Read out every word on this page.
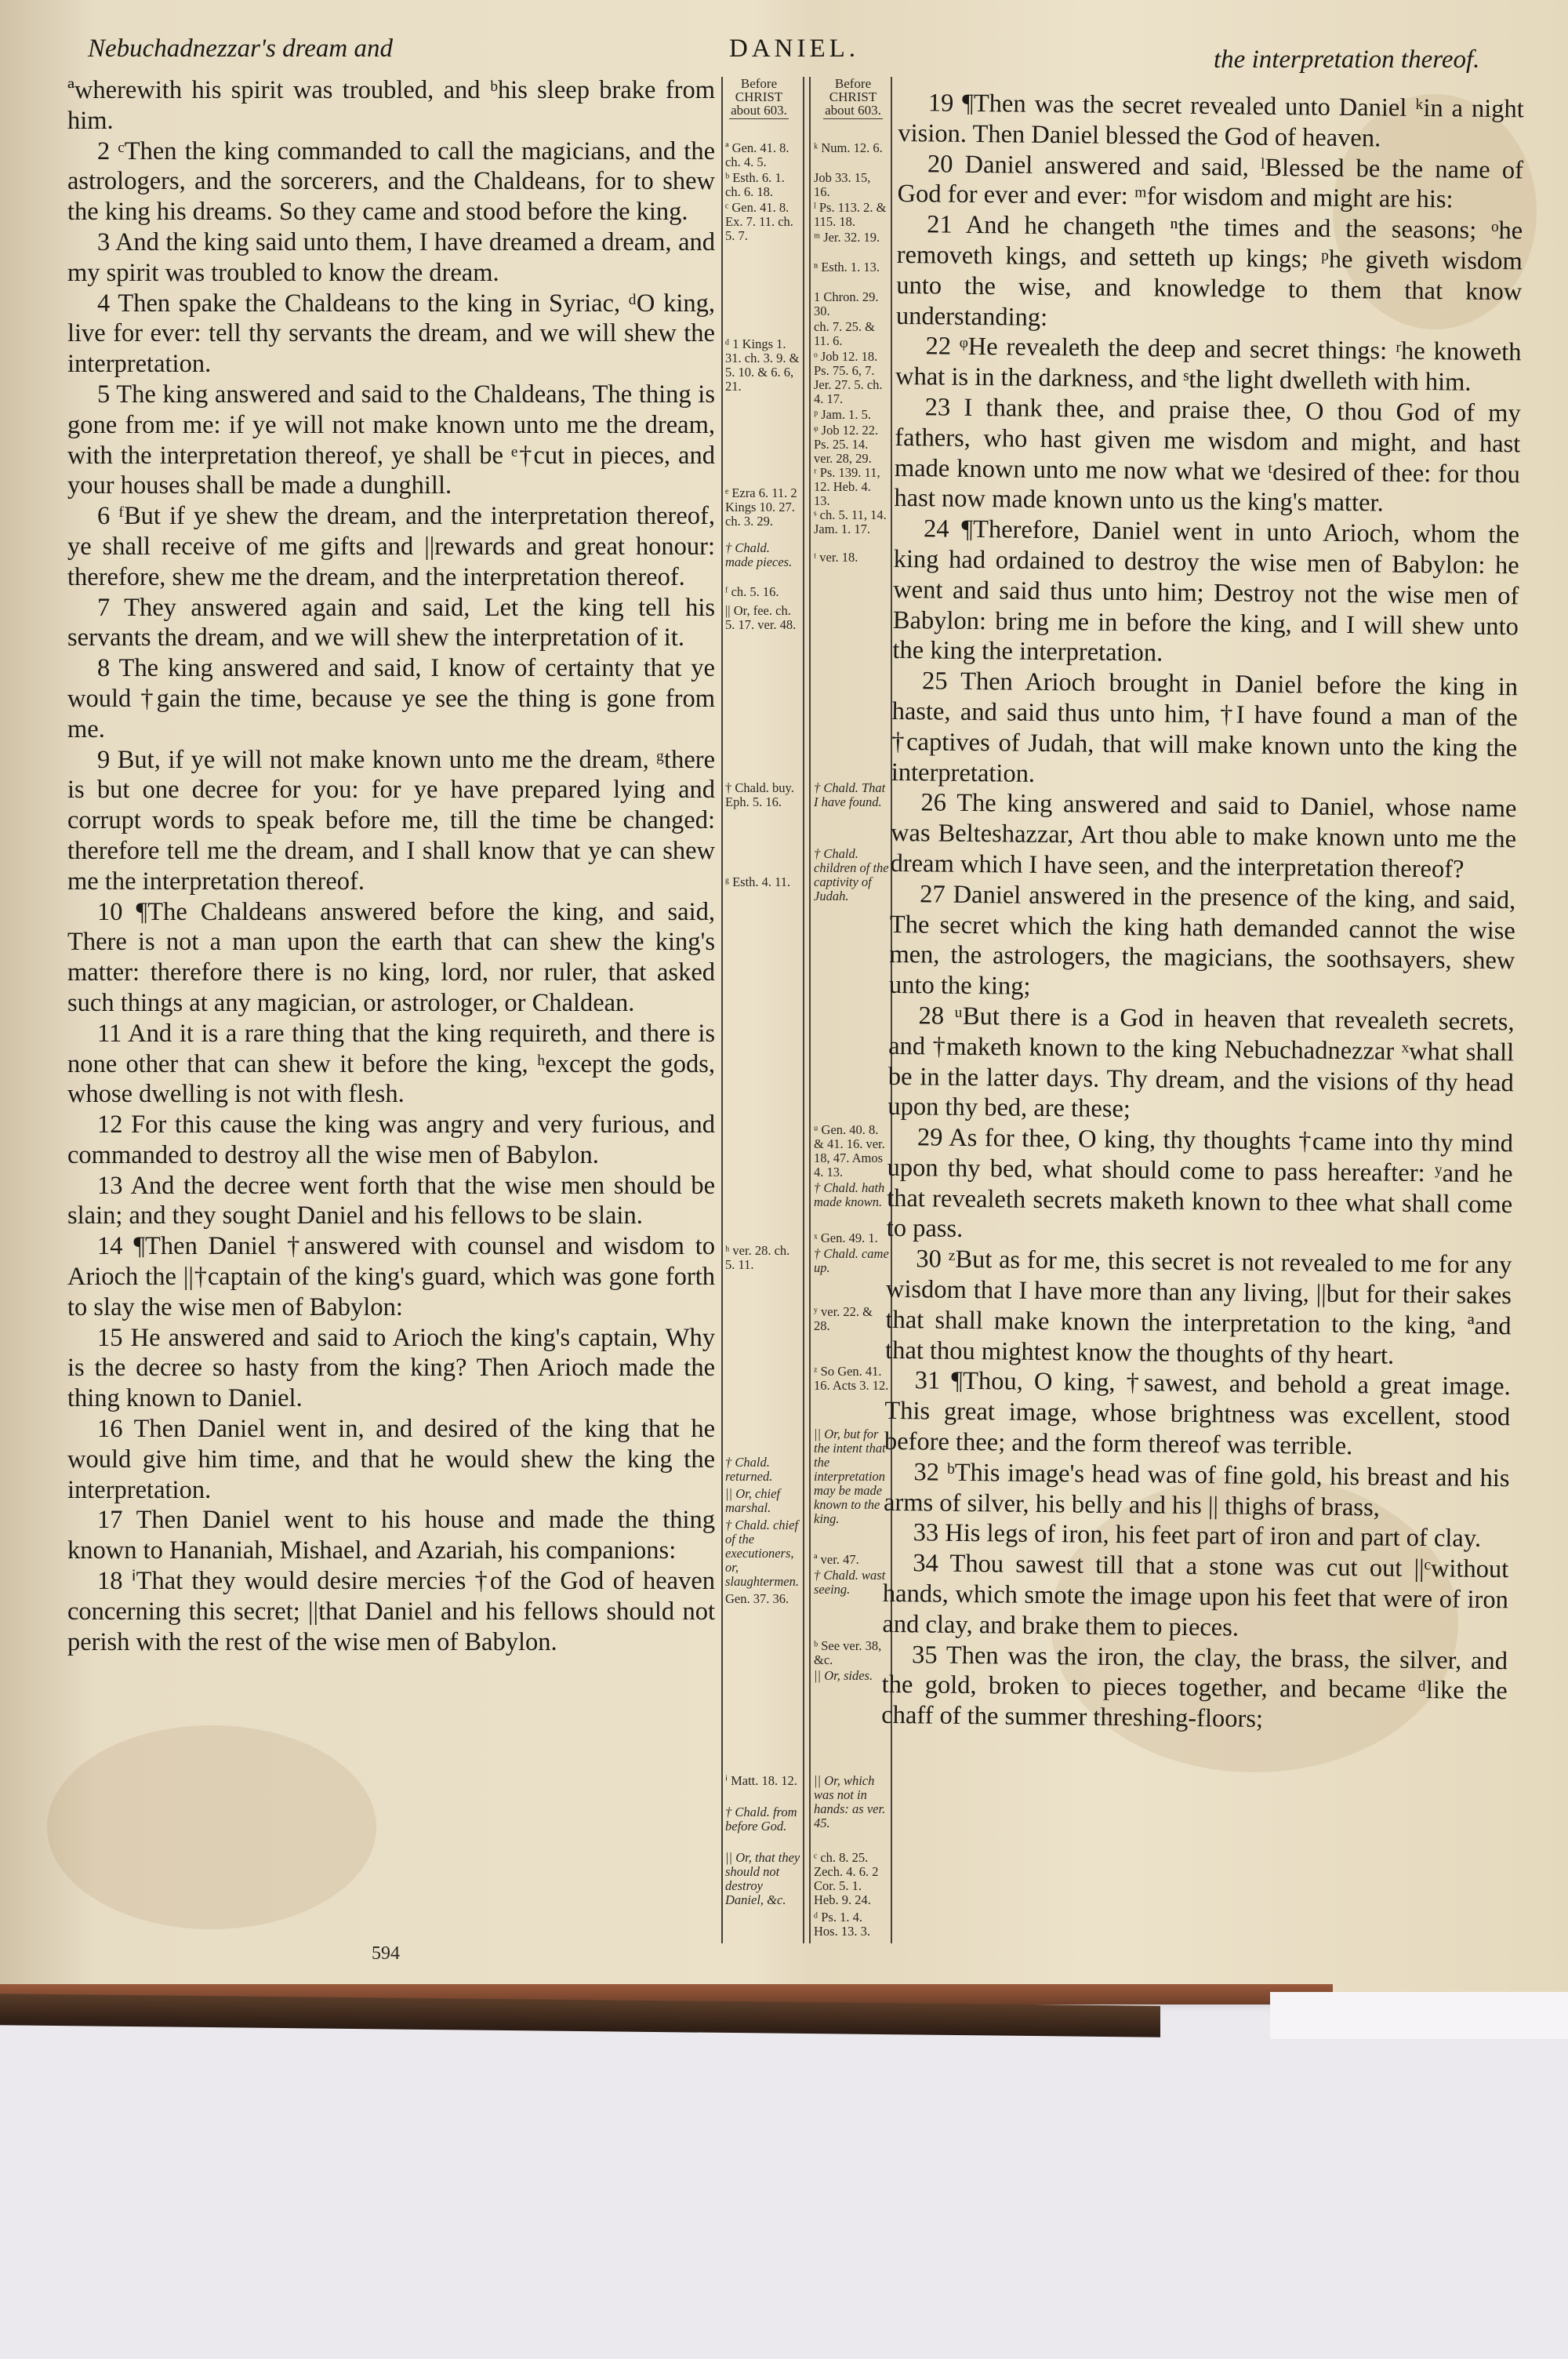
Nebuchadnezzar's dream and	DANIEL.	the interpretation thereof.
Before
CHRIST
about 603.
Before
CHRIST
about 603.

ªwherewith his spirit was troubled, and ᵇhis sleep brake from him.

2 ᶜThen the king commanded to call the magicians, and the astrologers, and the sorcerers, and the Chaldeans, for to shew the king his dreams. So they came and stood before the king.

3 And the king said unto them, I have dreamed a dream, and my spirit was troubled to know the dream.

4 Then spake the Chaldeans to the king in Syriac, ᵈO king, live for ever: tell thy servants the dream, and we will shew the interpretation.

5 The king answered and said to the Chaldeans, The thing is gone from me: if ye will not make known unto me the dream, with the interpretation thereof, ye shall be ᵉ†cut in pieces, and your houses shall be made a dunghill.

6 ᶠBut if ye shew the dream, and the interpretation thereof, ye shall receive of me gifts and ||rewards and great honour: therefore, shew me the dream, and the interpretation thereof.

7 They answered again and said, Let the king tell his servants the dream, and we will shew the interpretation of it.

8 The king answered and said, I know of certainty that ye would †gain the time, because ye see the thing is gone from me.

9 But, if ye will not make known unto me the dream, ᵍthere is but one decree for you: for ye have prepared lying and corrupt words to speak before me, till the time be changed: therefore tell me the dream, and I shall know that ye can shew me the interpretation thereof.

10 ¶The Chaldeans answered before the king, and said, There is not a man upon the earth that can shew the king's matter: therefore there is no king, lord, nor ruler, that asked such things at any magician, or astrologer, or Chaldean.

11 And it is a rare thing that the king requireth, and there is none other that can shew it before the king, ʰexcept the gods, whose dwelling is not with flesh.

12 For this cause the king was angry and very furious, and commanded to destroy all the wise men of Babylon.

13 And the decree went forth that the wise men should be slain; and they sought Daniel and his fellows to be slain.

14 ¶Then Daniel †answered with counsel and wisdom to Arioch the ||†captain of the king's guard, which was gone forth to slay the wise men of Babylon:

15 He answered and said to Arioch the king's captain, Why is the decree so hasty from the king? Then Arioch made the thing known to Daniel.

16 Then Daniel went in, and desired of the king that he would give him time, and that he would shew the king the interpretation.

17 Then Daniel went to his house and made the thing known to Hananiah, Mishael, and Azariah, his companions:

18 ⁱThat they would desire mercies †of the God of heaven concerning this secret; ||that Daniel and his fellows should not perish with the rest of the wise men of Babylon.

19 ¶Then was the secret revealed unto Daniel ᵏin a night vision. Then Daniel blessed the God of heaven.

20 Daniel answered and said, ˡBlessed be the name of God for ever and ever: ᵐfor wisdom and might are his:

21 And he changeth ⁿthe times and the seasons; ᵒhe removeth kings, and setteth up kings; ᵖhe giveth wisdom unto the wise, and knowledge to them that know understanding:

22 ᵠHe revealeth the deep and secret things: ʳhe knoweth what is in the darkness, and ˢthe light dwelleth with him.

23 I thank thee, and praise thee, O thou God of my fathers, who hast given me wisdom and might, and hast made known unto me now what we ᵗdesired of thee: for thou hast now made known unto us the king's matter.

24 ¶Therefore, Daniel went in unto Arioch, whom the king had ordained to destroy the wise men of Babylon: he went and said thus unto him; Destroy not the wise men of Babylon: bring me in before the king, and I will shew unto the king the interpretation.

25 Then Arioch brought in Daniel before the king in haste, and said thus unto him, †I have found a man of the †captives of Judah, that will make known unto the king the interpretation.

26 The king answered and said to Daniel, whose name was Belteshazzar, Art thou able to make known unto me the dream which I have seen, and the interpretation thereof?

27 Daniel answered in the presence of the king, and said, The secret which the king hath demanded cannot the wise men, the astrologers, the magicians, the soothsayers, shew unto the king;

28 ᵘBut there is a God in heaven that revealeth secrets, and †maketh known to the king Nebuchadnezzar ˣwhat shall be in the latter days. Thy dream, and the visions of thy head upon thy bed, are these;

29 As for thee, O king, thy thoughts †came into thy mind upon thy bed, what should come to pass hereafter: ʸand he that revealeth secrets maketh known to thee what shall come to pass.

30 ᶻBut as for me, this secret is not revealed to me for any wisdom that I have more than any living, ||but for their sakes that shall make known the interpretation to the king, ªand that thou mightest know the thoughts of thy heart.

31 ¶Thou, O king, †sawest, and behold a great image. This great image, whose brightness was excellent, stood before thee; and the form thereof was terrible.

32 ᵇThis image's head was of fine gold, his breast and his arms of silver, his belly and his || thighs of brass,

33 His legs of iron, his feet part of iron and part of clay.

34 Thou sawest till that a stone was cut out ||ᶜwithout hands, which smote the image upon his feet that were of iron and clay, and brake them to pieces.

35 Then was the iron, the clay, the brass, the silver, and the gold, broken to pieces together, and became ᵈlike the chaff of the summer threshing-floors;

ª Gen. 41. 8. ch. 4. 5.
ᵇ Esth. 6. 1. ch. 6. 18.
ᶜ Gen. 41. 8. Ex. 7. 11. ch. 5. 7.
ᵈ 1 Kings 1. 31. ch. 3. 9. & 5. 10. & 6. 6, 21.
ᵉ Ezra 6. 11. 2 Kings 10. 27. ch. 3. 29.
† Chald. made pieces.
ᶠ ch. 5. 16.
|| Or, fee. ch. 5. 17. ver. 48.
† Chald. buy. Eph. 5. 16.
ᵍ Esth. 4. 11.
ʰ ver. 28. ch. 5. 11.
† Chald. returned.
|| Or, chief marshal.
† Chald. chief of the executioners, or, slaughtermen.
Gen. 37. 36.
ⁱ Matt. 18. 12.
† Chald. from before God.
|| Or, that they should not destroy Daniel, &c.
ᵏ Num. 12. 6.
Job 33. 15, 16.
ˡ Ps. 113. 2. & 115. 18.
ᵐ Jer. 32. 19.
ⁿ Esth. 1. 13.
1 Chron. 29. 30.
ch. 7. 25. & 11. 6.
ᵒ Job 12. 18. Ps. 75. 6, 7. Jer. 27. 5. ch. 4. 17.
ᵖ Jam. 1. 5.
ᵠ Job 12. 22. Ps. 25. 14. ver. 28, 29.
ʳ Ps. 139. 11, 12. Heb. 4. 13.
ˢ ch. 5. 11, 14. Jam. 1. 17.
ᵗ ver. 18.
† Chald. That I have found.
† Chald. children of the captivity of Judah.
ᵘ Gen. 40. 8. & 41. 16. ver. 18, 47. Amos 4. 13.
† Chald. hath made known.
ˣ Gen. 49. 1.
† Chald. came up.
ʸ ver. 22. & 28.
ᶻ So Gen. 41. 16. Acts 3. 12.
|| Or, but for the intent that the interpretation may be made known to the king.
ª ver. 47.
† Chald. wast seeing.
ᵇ See ver. 38, &c.
|| Or, sides.
|| Or, which was not in hands: as ver. 45.
ᶜ ch. 8. 25. Zech. 4. 6. 2 Cor. 5. 1. Heb. 9. 24.
ᵈ Ps. 1. 4. Hos. 13. 3.
594
